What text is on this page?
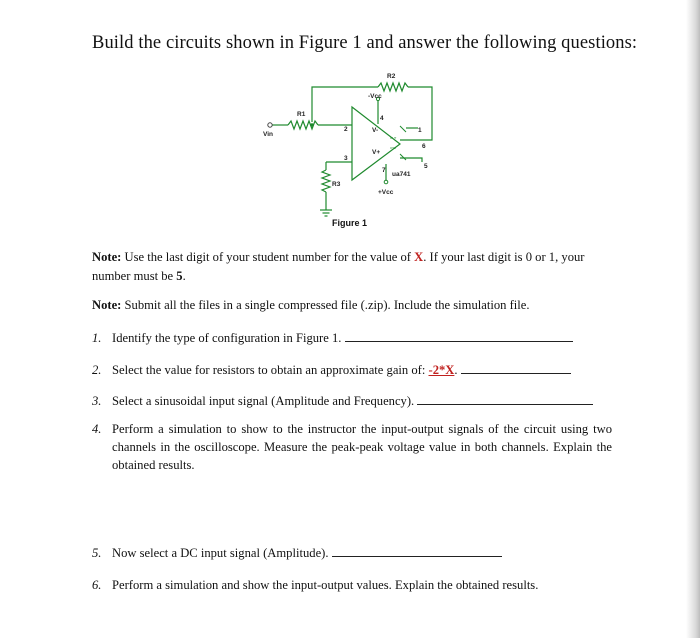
Build the circuits shown in Figure 1 and answer the following questions:
R2
-Vcc
R1
Vin
4
2	V-	1
6
V+
3
5
7
ua741
R3
+Vcc
OUT
OS2
Figure 1
Note: Use the last digit of your student number for the value of X. If your last digit is 0 or 1, your number must be 5.
Note: Submit all the files in a single compressed file (.zip). Include the simulation file.
1. Identify the type of configuration in Figure 1.
2. Select the value for resistors to obtain an approximate gain of: -2*X.
3. Select a sinusoidal input signal (Amplitude and Frequency).
4. Perform a simulation to show to the instructor the input-output signals of the circuit using two channels in the oscilloscope. Measure the peak-peak voltage value in both channels. Explain the obtained results.
5. Now select a DC input signal (Amplitude).
6. Perform a simulation and show the input-output values. Explain the obtained results.
